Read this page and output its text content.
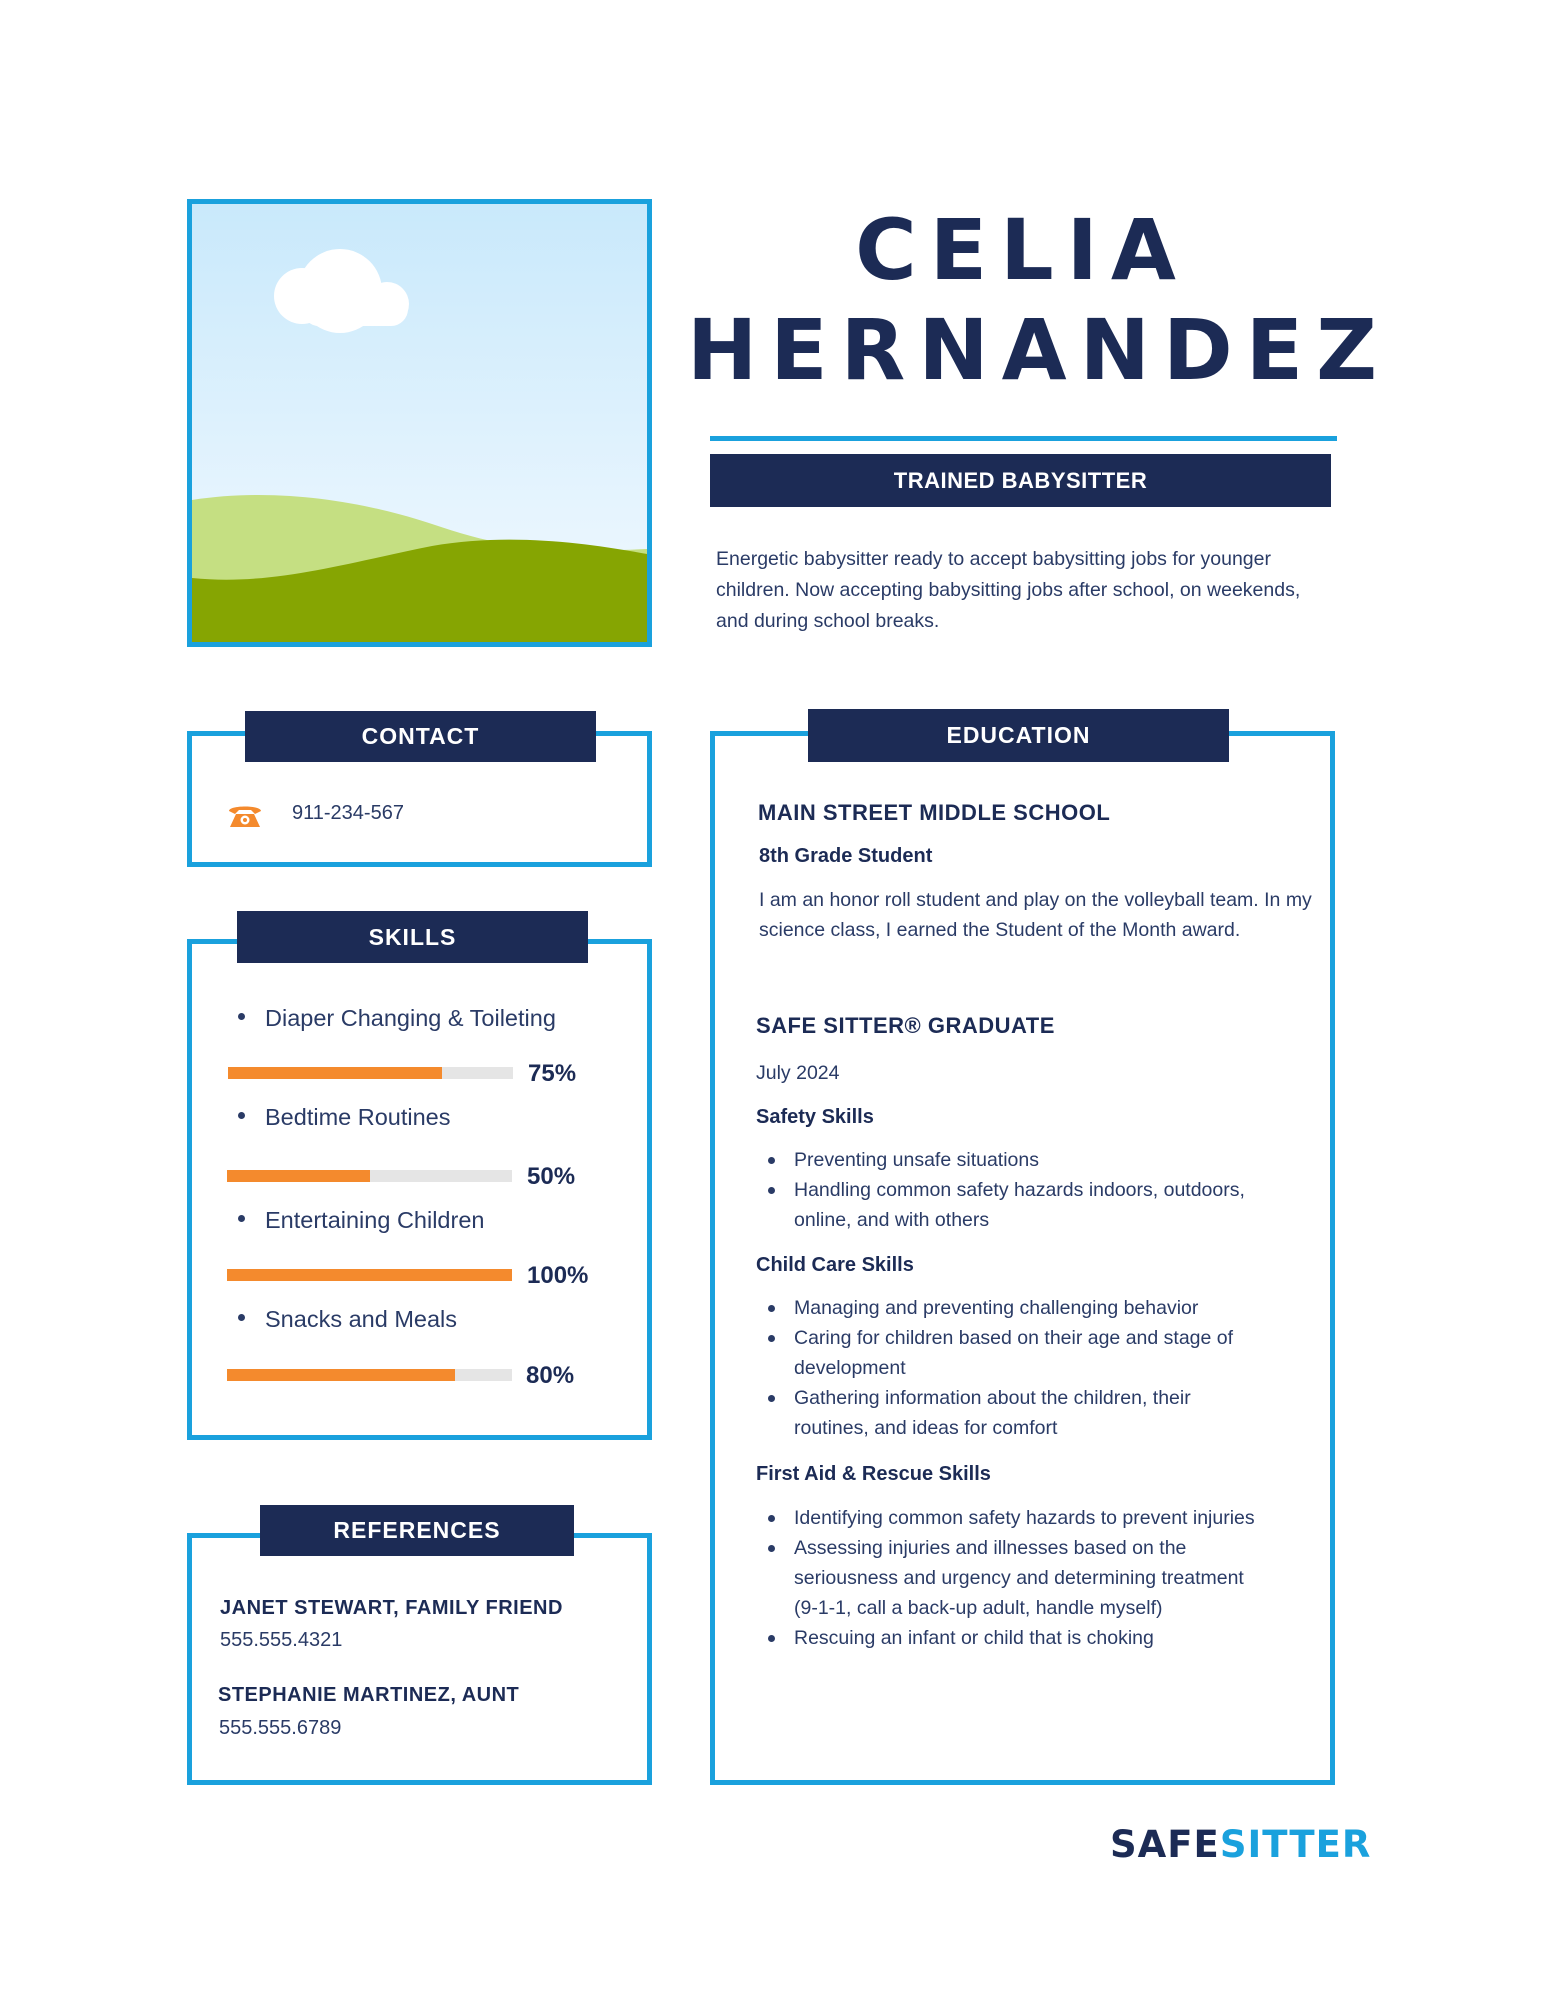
CELIA
HERNANDEZ
TRAINED BABYSITTER
Energetic babysitter ready to accept babysitting jobs for younger children. Now accepting babysitting jobs after school, on weekends, and during school breaks.
CONTACT
911-234-567
SKILLS
Diaper Changing & Toileting
75%
Bedtime Routines
50%
Entertaining Children
100%
Snacks and Meals
80%
REFERENCES
JANET STEWART, FAMILY FRIEND
555.555.4321
STEPHANIE MARTINEZ, AUNT
555.555.6789
EDUCATION
MAIN STREET MIDDLE SCHOOL
8th Grade Student
I am an honor roll student and play on the volleyball team. In my science class, I earned the Student of the Month award.
SAFE SITTER® GRADUATE
July 2024
Safety Skills
Preventing unsafe situations
Handling common safety hazards indoors, outdoors, online, and with others
Child Care Skills
Managing and preventing challenging behavior
Caring for children based on their age and stage of development
Gathering information about the children, their routines, and ideas for comfort
First Aid & Rescue Skills
Identifying common safety hazards to prevent injuries
Assessing injuries and illnesses based on the seriousness and urgency and determining treatment (9-1-1, call a back-up adult, handle myself)
Rescuing an infant or child that is choking
SAFESITTER
